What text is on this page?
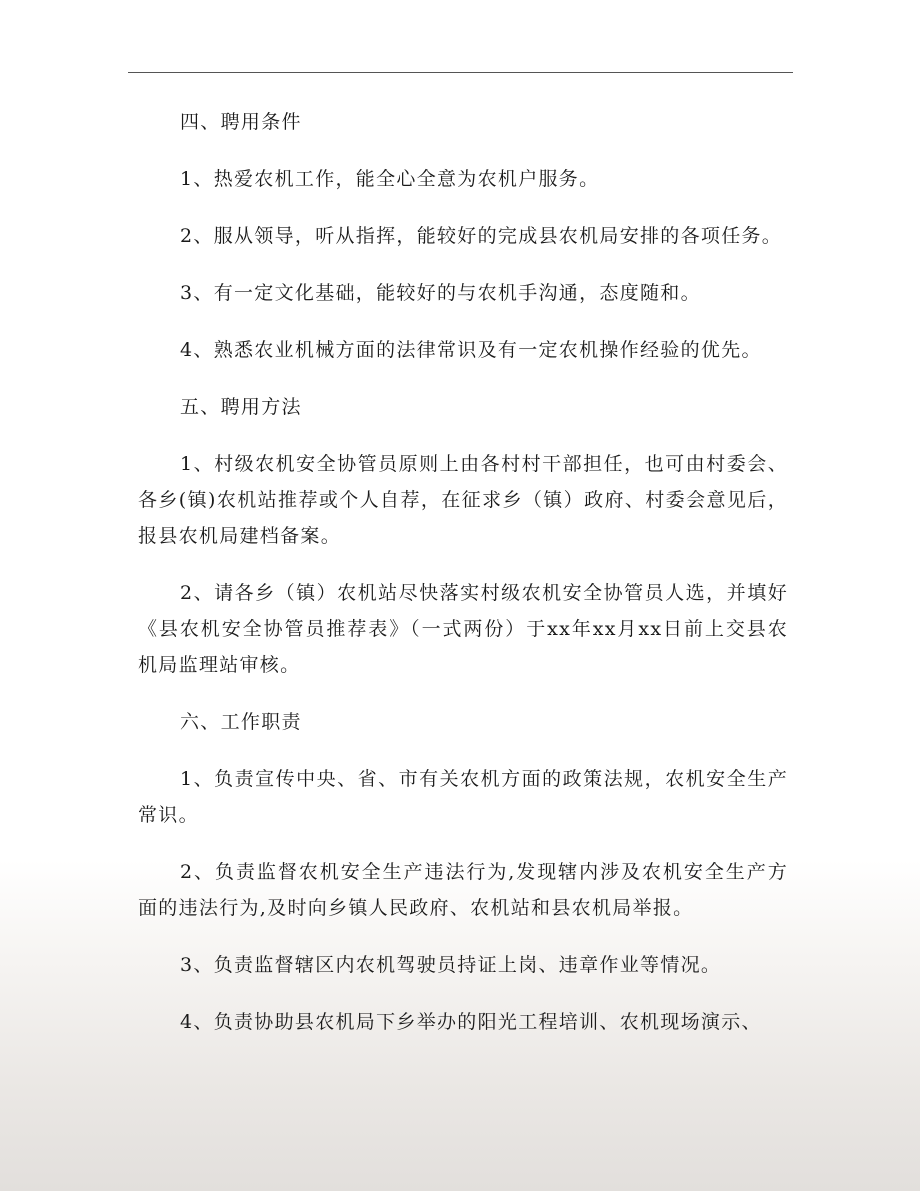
四、聘用条件

1、热爱农机工作，能全心全意为农机户服务。

2、服从领导，听从指挥，能较好的完成县农机局安排的各项任务。

3、有一定文化基础，能较好的与农机手沟通，态度随和。

4、熟悉农业机械方面的法律常识及有一定农机操作经验的优先。

五、聘用方法

1、村级农机安全协管员原则上由各村村干部担任，也可由村委会、各乡(镇)农机站推荐或个人自荐，在征求乡（镇）政府、村委会意见后，报县农机局建档备案。

2、请各乡（镇）农机站尽快落实村级农机安全协管员人选，并填好《县农机安全协管员推荐表》（一式两份）于xx年xx月xx日前上交县农机局监理站审核。

六、工作职责

1、负责宣传中央、省、市有关农机方面的政策法规，农机安全生产常识。

2、负责监督农机安全生产违法行为,发现辖内涉及农机安全生产方面的违法行为,及时向乡镇人民政府、农机站和县农机局举报。

3、负责监督辖区内农机驾驶员持证上岗、违章作业等情况。

4、负责协助县农机局下乡举办的阳光工程培训、农机现场演示、
